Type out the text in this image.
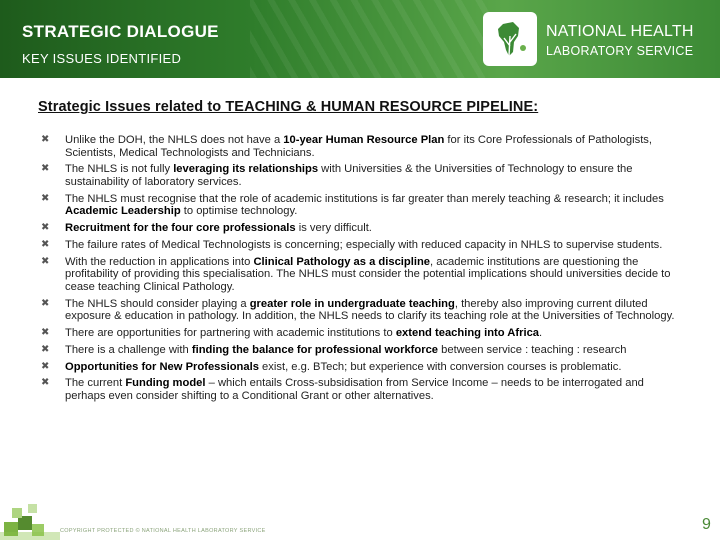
STRATEGIC DIALOGUE
KEY ISSUES IDENTIFIED
NATIONAL HEALTH
LABORATORY SERVICE
Strategic Issues related to TEACHING & HUMAN RESOURCE PIPELINE:
✖ Unlike the DOH, the NHLS does not have a 10-year Human Resource Plan for its Core Professionals of Pathologists, Scientists, Medical Technologists and Technicians.
✖ The NHLS is not fully leveraging its relationships with Universities & the Universities of Technology to ensure the sustainability of laboratory services.
✖ The NHLS must recognise that the role of academic institutions is far greater than merely teaching & research; it includes Academic Leadership to optimise technology.
✖ Recruitment for the four core professionals is very difficult.
✖ The failure rates of Medical Technologists is concerning; especially with reduced capacity in NHLS to supervise students.
✖ With the reduction in applications into Clinical Pathology as a discipline, academic institutions are questioning the profitability of providing this specialisation. The NHLS must consider the potential implications should universities decide to cease teaching Clinical Pathology.
✖ The NHLS should consider playing a greater role in undergraduate teaching, thereby also improving current diluted exposure & education in pathology. In addition, the NHLS needs to clarify its teaching role at the Universities of Technology.
✖ There are opportunities for partnering with academic institutions to extend teaching into Africa.
✖ There is a challenge with finding the balance for professional workforce between service : teaching : research
✖ Opportunities for New Professionals exist, e.g. BTech; but experience with conversion courses is problematic.
✖ The current Funding model – which entails Cross-subsidisation from Service Income – needs to be interrogated and perhaps even consider shifting to a Conditional Grant or other alternatives.
COPYRIGHT PROTECTED © NATIONAL HEALTH LABORATORY SERVICE	9
